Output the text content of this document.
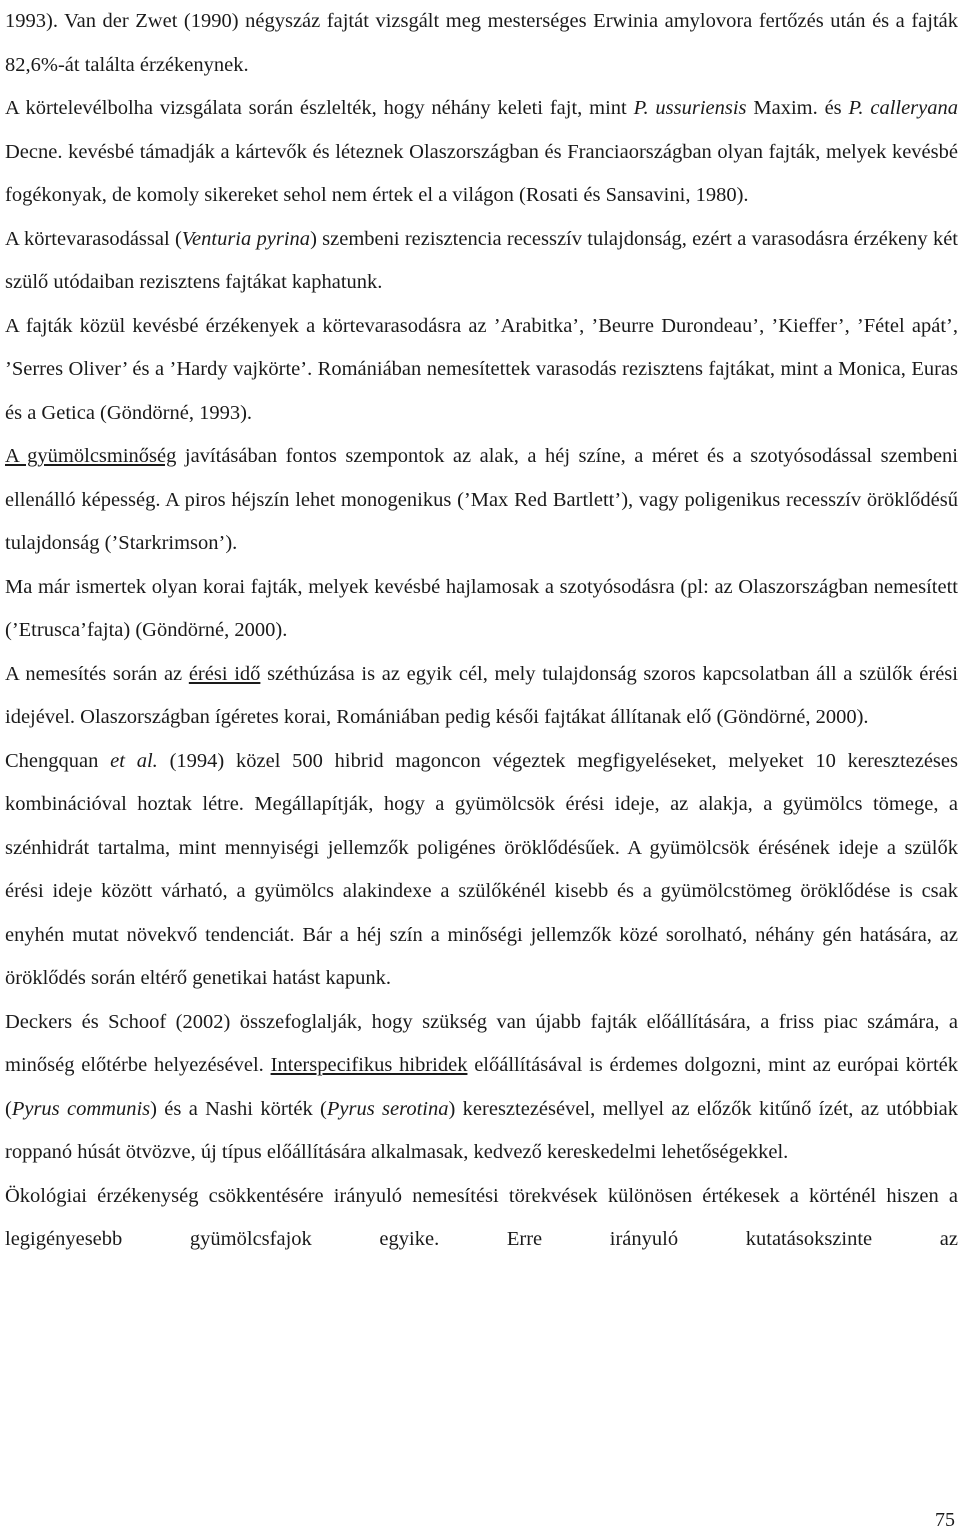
1993). Van der Zwet (1990) négyszáz fajtát vizsgált meg mesterséges Erwinia amylovora fertőzés után és a fajták 82,6%-át találta érzékenynek.

A körtelevélbolha vizsgálata során észlelték, hogy néhány keleti fajt, mint P. ussuriensis Maxim. és P. calleryana Decne. kevésbé támadják a kártevők és léteznek Olaszországban és Franciaországban olyan fajták, melyek kevésbé fogékonyak, de komoly sikereket sehol nem értek el a világon (Rosati és Sansavini, 1980).

A körtevarasodással (Venturia pyrina) szembeni rezisztencia recesszív tulajdonság, ezért a varasodásra érzékeny két szülő utódaiban rezisztens fajtákat kaphatunk.

A fajták közül kevésbé érzékenyek a körtevarasodásra az ’Arabitka’, ’Beurre Durondeau’, ’Kieffer’, ’Fétel apát’, ’Serres Oliver’ és a ’Hardy vajkörte’. Romániában nemesítettek varasodás rezisztens fajtákat, mint a Monica, Euras és a Getica (Göndörné, 1993).

A gyümölcsminőség javításában fontos szempontok az alak, a héj színe, a méret és a szotyósodással szembeni ellenálló képesség. A piros héjszín lehet monogenikus (’Max Red Bartlett’), vagy poligenikus recesszív öröklődésű tulajdonság (’Starkrimson’).

Ma már ismertek olyan korai fajták, melyek kevésbé hajlamosak a szotyósodásra (pl: az Olaszországban nemesített (’Etrusca’fajta) (Göndörné, 2000).

A nemesítés során az érési idő széthúzása is az egyik cél, mely tulajdonság szoros kapcsolatban áll a szülők érési idejével. Olaszországban ígéretes korai, Romániában pedig késői fajtákat állítanak elő (Göndörné, 2000).

Chengquan et al. (1994) közel 500 hibrid magoncon végeztek megfigyeléseket, melyeket 10 keresztezéses kombinációval hoztak létre. Megállapítják, hogy a gyümölcsök érési ideje, az alakja, a gyümölcs tömege, a szénhidrát tartalma, mint mennyiségi jellemzők poligénes öröklődésűek. A gyümölcsök érésének ideje a szülők érési ideje között várható, a gyümölcs alakindexe a szülőkénél kisebb és a gyümölcstömeg öröklődése is csak enyhén mutat növekvő tendenciát. Bár a héj szín a minőségi jellemzők közé sorolható, néhány gén hatására, az öröklődés során eltérő genetikai hatást kapunk.

Deckers és Schoof (2002) összefoglalják, hogy szükség van újabb fajták előállítására, a friss piac számára, a minőség előtérbe helyezésével. Interspecifikus hibridek előállításával is érdemes dolgozni, mint az európai körték (Pyrus communis) és a Nashi körték (Pyrus serotina) keresztezésével, mellyel az előzők kitűnő ízét, az utóbbiak roppanó húsát ötvözve, új típus előállítására alkalmasak, kedvező kereskedelmi lehetőségekkel.

Ökológiai érzékenység csökkentésére irányuló nemesítési törekvések különösen értékesek a körténél hiszen a legigényesebb gyümölcsfajok egyike. Erre irányuló kutatásokszinte az

75
